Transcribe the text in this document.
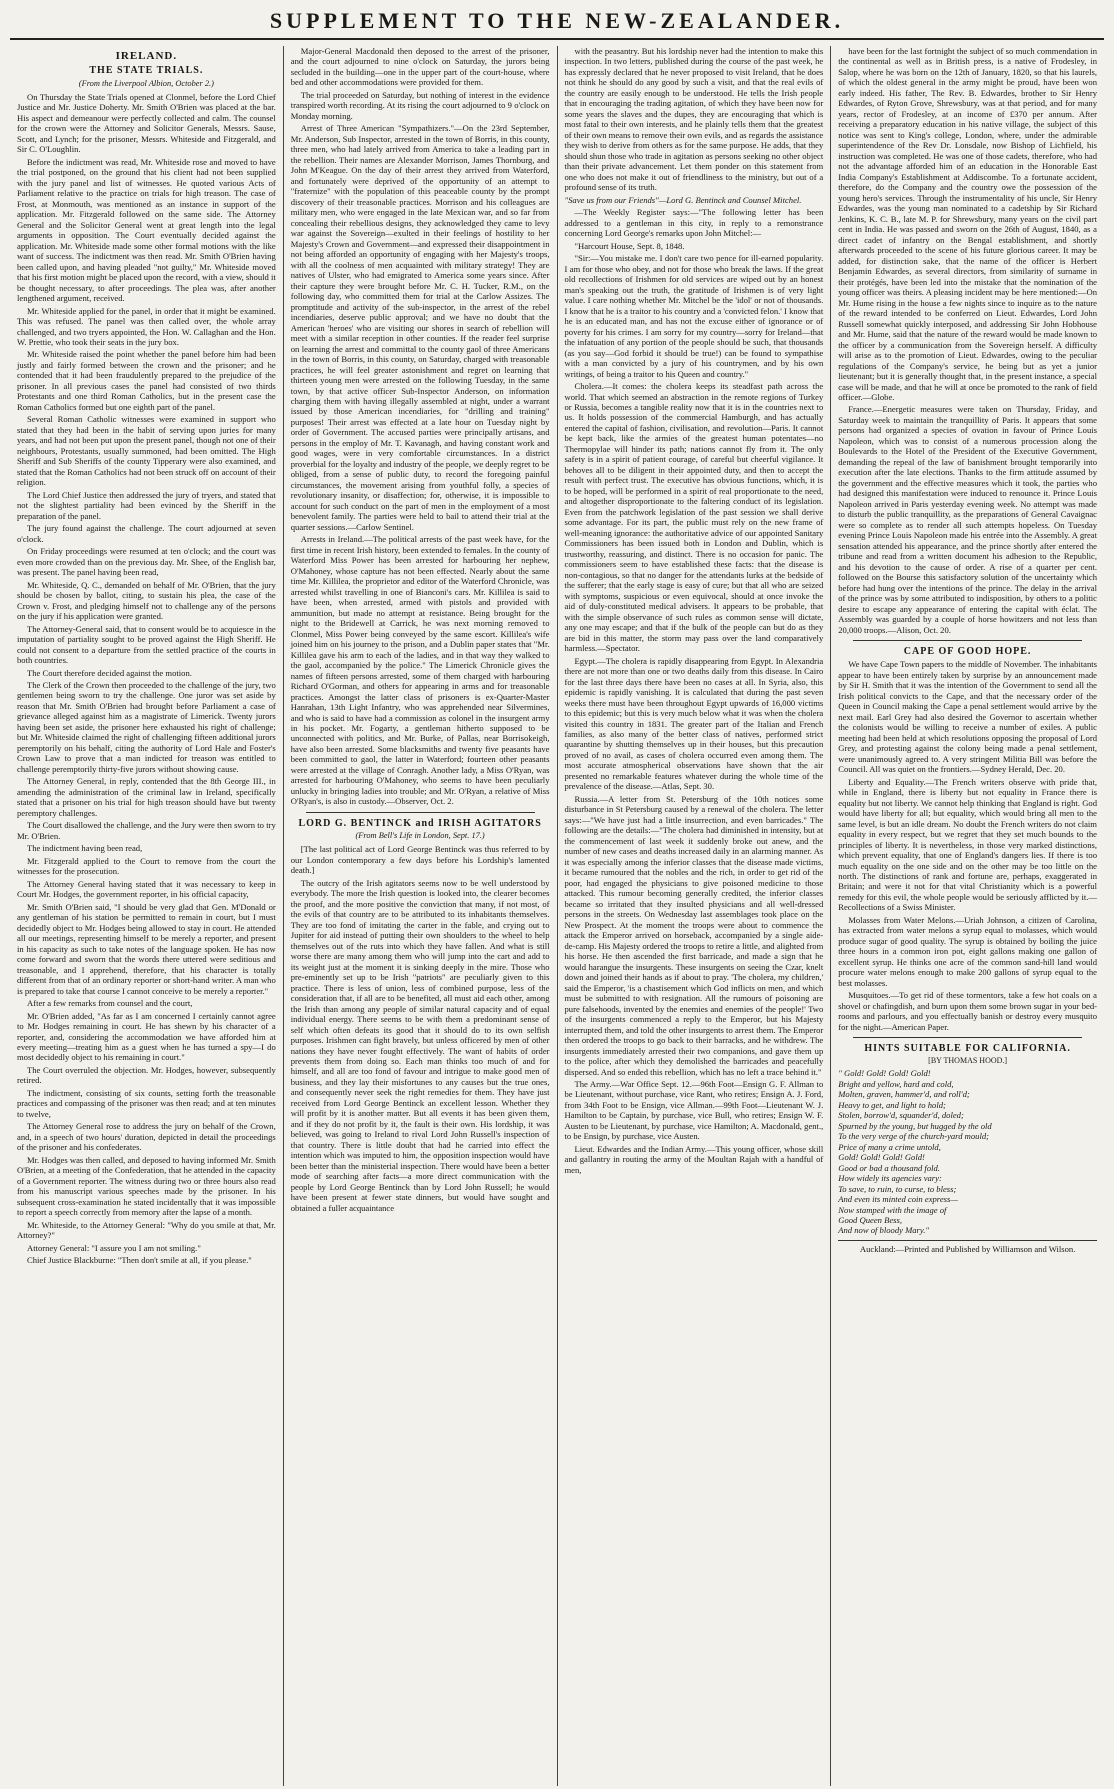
SUPPLEMENT TO THE NEW-ZEALANDER.
IRELAND.
THE STATE TRIALS.
(From the Liverpool Albion, October 2.)

On Thursday the State Trials opened at Clonmel, before the Lord Chief Justice and Mr. Justice Doherty. Mr. Smith O'Brien was placed at the bar. His aspect and demeanour were perfectly collected and calm. The counsel for the crown were the Attorney and Solicitor Generals, Messrs. Sause, Scott, and Lynch; for the prisoner, Messrs. Whiteside and Fitzgerald, and Sir C. O'Loughlin.

Before the indictment was read, Mr. Whiteside rose and moved to have the trial postponed, on the ground that his client had not been supplied with the jury panel and list of witnesses. He quoted various Acts of Parliament relative to the practice on trials for high treason. The case of Frost, at Monmouth, was mentioned as an instance in support of the application. Mr. Fitzgerald followed on the same side. The Attorney General and the Solicitor General went at great length into the legal arguments in opposition. The Court eventually decided against the application. Mr. Whiteside made some other formal motions with the like want of success. The indictment was then read. Mr. Smith O'Brien having been called upon, and having pleaded "not guilty," Mr. Whiteside moved that his first motion might be placed upon the record, with a view, should it be thought necessary, to after proceedings. The plea was, after another lengthened argument, received.

Mr. Whiteside applied for the panel, in order that it might be examined. This was refused. The panel was then called over, the whole array challenged, and two tryers appointed, the Hon. W. Callaghan and the Hon. W. Prettie, who took their seats in the jury box.

Mr. Whiteside raised the point whether the panel before him had been justly and fairly formed between the crown and the prisoner; and he contended that it had been fraudulently prepared to the prejudice of the prisoner. In all previous cases the panel had consisted of two thirds Protestants and one third Roman Catholics, but in the present case the Roman Catholics formed but one eighth part of the panel.

Several Roman Catholic witnesses were examined in support who stated that they had been in the habit of serving upon juries for many years, and had not been put upon the present panel, though not one of their neighbours, Protestants, usually summoned, had been omitted. The High Sheriff and Sub Sheriffs of the county Tipperary were also examined, and stated that the Roman Catholics had not been struck off on account of their religion.

The Lord Chief Justice then addressed the jury of tryers, and stated that not the slightest partiality had been evinced by the Sheriff in the preparation of the panel.

The jury found against the challenge. The court adjourned at seven o'clock.

On Friday proceedings were resumed at ten o'clock; and the court was even more crowded than on the previous day. Mr. Shee, of the English bar, was present. The panel having been read,

Mr. Whiteside, Q. C., demanded on behalf of Mr. O'Brien, that the jury should be chosen by ballot, citing, to sustain his plea, the case of the Crown v. Frost, and pledging himself not to challenge any of the persons on the jury if his application were granted.

The Attorney-General said, that to consent would be to acquiesce in the imputation of partiality sought to be proved against the High Sheriff. He could not consent to a departure from the settled practice of the courts in both countries.

The Court therefore decided against the motion.

The Clerk of the Crown then proceeded to the challenge of the jury, two gentlemen being sworn to try the challenge. One juror was set aside by reason that Mr. Smith O'Brien had brought before Parliament a case of grievance alleged against him as a magistrate of Limerick. Twenty jurors having been set aside, the prisoner here exhausted his right of challenge; but Mr. Whiteside claimed the right of challenging fifteen additional jurors peremptorily on his behalf, citing the authority of Lord Hale and Foster's Crown Law to prove that a man indicted for treason was entitled to challenge peremptorily thirty-five jurors without showing cause.

The Attorney General, in reply, contended that the 8th George III., in amending the administration of the criminal law in Ireland, specifically stated that a prisoner on his trial for high treason should have but twenty peremptory challenges.

The Court disallowed the challenge, and the Jury were then sworn to try Mr. O'Brien.

The indictment having been read,

Mr. Fitzgerald applied to the Court to remove from the court the witnesses for the prosecution.

The Attorney General having stated that it was necessary to keep in Court Mr. Hodges, the government reporter, in his official capacity,

Mr. Smith O'Brien said, "I should be very glad that Gen. M'Donald or any gentleman of his station be permitted to remain in court, but I must decidedly object to Mr. Hodges being allowed to stay in court. He attended all our meetings, representing himself to be merely a reporter, and present in his capacity as such to take notes of the language spoken. He has now come forward and sworn that the words there uttered were seditious and treasonable, and I apprehend, therefore, that his character is totally different from that of an ordinary reporter or short-hand writer. A man who is prepared to take that course I cannot conceive to be merely a reporter."

After a few remarks from counsel and the court,

Mr. O'Brien added, "As far as I am concerned I certainly cannot agree to Mr. Hodges remaining in court. He has shewn by his character of a reporter, and, considering the accommodation we have afforded him at every meeting—treating him as a guest when he has turned a spy—I do most decidedly object to his remaining in court."

The Court overruled the objection. Mr. Hodges, however, subsequently retired.

The indictment, consisting of six counts, setting forth the treasonable practices and compassing of the prisoner was then read; and at ten minutes to twelve,

The Attorney General rose to address the jury on behalf of the Crown, and, in a speech of two hours' duration, depicted in detail the proceedings of the prisoner and his confederates.

Mr. Hodges was then called, and deposed to having informed Mr. Smith O'Brien, at a meeting of the Confederation, that he attended in the capacity of a Government reporter. The witness during two or three hours also read from his manuscript various speeches made by the prisoner. In his subsequent cross-examination he stated incidentally that it was impossible to report a speech correctly from memory after the lapse of a month.

Mr. Whiteside, to the Attorney General: "Why do you smile at that, Mr. Attorney?"

Attorney General: "I assure you I am not smiling."

Chief Justice Blackburne: "Then don't smile at all, if you please."

Major-General Macdonald then deposed to the arrest of the prisoner, and the court adjourned to nine o'clock on Saturday, the jurors being secluded in the building—one in the upper part of the court-house, where bed and other accommodations were provided for them.

The trial proceeded on Saturday, but nothing of interest in the evidence transpired worth recording. At its rising the court adjourned to 9 o'clock on Monday morning.

Arrest of Three American "Sympathizers."—On the 23rd September, Mr. Anderson, Sub Inspector, arrested in the town of Borris, in this county, three men, who had lately arrived from America to take a leading part in the rebellion. Their names are Alexander Morrison, James Thornburg, and John M'Keague. On the day of their arrest they arrived from Waterford, and fortunately were deprived of the opportunity of an attempt to "fraternize" with the population of this peaceable county by the prompt discovery of their treasonable practices. Morrison and his colleagues are military men, who were engaged in the late Mexican war, and so far from concealing their rebellious designs, they acknowledged they came to levy war against the Sovereign—exulted in their feelings of hostility to her Majesty's Crown and Government—and expressed their disappointment in not being afforded an opportunity of engaging with her Majesty's troops, with all the coolness of men acquainted with military strategy! They are natives of Ulster, who had emigrated to America some years since. After their capture they were brought before Mr. C. H. Tucker, R.M., on the following day, who committed them for trial at the Carlow Assizes. The promptitude and activity of the sub-inspector, in the arrest of the rebel incendiaries, deserve public approval; and we have no doubt that the American 'heroes' who are visiting our shores in search of rebellion will meet with a similar reception in other counties. If the reader feel surprise on learning the arrest and committal to the county gaol of three Americans in the town of Borris, in this county, on Saturday, charged with treasonable practices, he will feel greater astonishment and regret on learning that thirteen young men were arrested on the following Tuesday, in the same town, by that active officer Sub-Inspector Anderson, on information charging them with having illegally assembled at night, under a warrant issued by those American incendiaries, for "drilling and training" purposes! Their arrest was effected at a late hour on Tuesday night by order of Government. The accused parties were principally artisans, and persons in the employ of Mr. T. Kavanagh, and having constant work and good wages, were in very comfortable circumstances. In a district proverbial for the loyalty and industry of the people, we deeply regret to be obliged, from a sense of public duty, to record the foregoing painful circumstances, the movement arising from youthful folly, a species of revolutionary insanity, or disaffection; for, otherwise, it is impossible to account for such conduct on the part of men in the employment of a most benevolent family. The parties were held to bail to attend their trial at the quarter sessions.—Carlow Sentinel.

Arrests in Ireland.—The political arrests of the past week have, for the first time in recent Irish history, been extended to females. In the county of Waterford Miss Power has been arrested for harbouring her nephew, O'Mahoney, whose capture has not been effected. Nearly about the same time Mr. Killilea, the proprietor and editor of the Waterford Chronicle, was arrested whilst travelling in one of Bianconi's cars. Mr. Killilea is said to have been, when arrested, armed with pistols and provided with ammunition, but made no attempt at resistance. Being brought for the night to the Bridewell at Carrick, he was next morning removed to Clonmel, Miss Power being conveyed by the same escort. Killilea's wife joined him on his journey to the prison, and a Dublin paper states that "Mr. Killilea gave his arm to each of the ladies, and in that way they walked to the gaol, accompanied by the police." The Limerick Chronicle gives the names of fifteen persons arrested, some of them charged with harbouring Richard O'Gorman, and others for appearing in arms and for treasonable practices. Amongst the latter class of prisoners is ex-Quarter-Master Hanrahan, 13th Light Infantry, who was apprehended near Silvermines, and who is said to have had a commission as colonel in the insurgent army in his pocket. Mr. Fogarty, a gentleman hitherto supposed to be unconnected with politics, and Mr. Burke, of Pallas, near Borrisokeigh, have also been arrested. Some blacksmiths and twenty five peasants have been committed to gaol, the latter in Waterford; fourteen other peasants were arrested at the village of Conragh. Another lady, a Miss O'Ryan, was arrested for harbouring O'Mahoney, who seems to have been peculiarly unlucky in bringing ladies into trouble; and Mr. O'Ryan, a relative of Miss O'Ryan's, is also in custody.—Observer, Oct. 2.

LORD G. BENTINCK and IRISH AGITATORS
(From Bell's Life in London, Sept. 17.)

[The last political act of Lord George Bentinck was thus referred to by our London contemporary a few days before his Lordship's lamented death.]

The outcry of the Irish agitators seems now to be well understood by everybody. The more the Irish question is looked into, the clearer becomes the proof, and the more positive the conviction that many, if not most, of the evils of that country are to be attributed to its inhabitants themselves. They are too fond of imitating the carter in the fable, and crying out to Jupiter for aid instead of putting their own shoulders to the wheel to help themselves out of the ruts into which they have fallen. And what is still worse there are many among them who will jump into the cart and add to its weight just at the moment it is sinking deeply in the mire. Those who pre-eminently set up to be Irish "patriots" are peculiarly given to this practice. There is less of union, less of combined purpose, less of the consideration that, if all are to be benefited, all must aid each other, among the Irish than among any people of similar natural capacity and of equal individual energy. There seems to be with them a predominant sense of self which often defeats its good that it should do to its own selfish purposes. Irishmen can fight bravely, but unless officered by men of other nations they have never fought effectively. The want of habits of order prevents them from doing so. Each man thinks too much of and for himself, and all are too fond of favour and intrigue to make good men of business, and they lay their misfortunes to any causes but the true ones, and consequently never seek the right remedies for them. They have just received from Lord George Bentinck an excellent lesson. Whether they will profit by it is another matter. But all events it has been given them, and if they do not profit by it, the fault is their own. His lordship, it was believed, was going to Ireland to rival Lord John Russell's inspection of that country. There is little doubt that had he carried into effect the intention which was imputed to him, the opposition inspection would have been better than the ministerial inspection. There would have been a better mode of searching after facts—a more direct communication with the people by Lord George Bentinck than by Lord John Russell; he would have been present at fewer state dinners, but would have sought and obtained a fuller acquaintance

with the peasantry. But his lordship never had the intention to make this inspection. In two letters, published during the course of the past week, he has expressly declared that he never proposed to visit Ireland, that he does not think he should do any good by such a visit, and that the real evils of the country are easily enough to be understood. He tells the Irish people that in encouraging the trading agitation, of which they have been now for some years the slaves and the dupes, they are encouraging that which is most fatal to their own interests, and he plainly tells them that the greatest of their own means to remove their own evils, and as regards the assistance they wish to derive from others as for the same purpose. He adds, that they should shun those who trade in agitation as persons seeking no other object than their private advancement. Let them ponder on this statement from one who does not make it out of friendliness to the ministry, but out of a profound sense of its truth.

"Save us from our Friends"—Lord G. Bentinck and Counsel Mitchel.

—The Weekly Register says:—"The following letter has been addressed to a gentleman in this city, in reply to a remonstrance concerning Lord George's remarks upon John Mitchel:—

"Harcourt House, Sept. 8, 1848.

"Sir:—You mistake me. I don't care two pence for ill-earned popularity. I am for those who obey, and not for those who break the laws. If the great old recollections of Irishmen for old services are wiped out by an honest man's speaking out the truth, the gratitude of Irishmen is of very light value. I care nothing whether Mr. Mitchel be the 'idol' or not of thousands. I know that he is a traitor to his country and a 'convicted felon.' I know that he is an educated man, and has not the excuse either of ignorance or of poverty for his crimes. I am sorry for my country—sorry for Ireland—that the infatuation of any portion of the people should be such, that thousands (as you say—God forbid it should be true!) can be found to sympathise with a man convicted by a jury of his countrymen, and by his own writings, of being a traitor to his Queen and country."

Cholera.—It comes: the cholera keeps its steadfast path across the world. That which seemed an abstraction in the remote regions of Turkey or Russia, becomes a tangible reality now that it is in the countries next to us. It holds possession of the commercial Hamburgh, and has actually entered the capital of fashion, civilisation, and revolution—Paris. It cannot be kept back, like the armies of the greatest human potentates—no Thermopylae will hinder its path; nations cannot fly from it. The only safety is in a spirit of patient courage, of careful but cheerful vigilance. It behoves all to be diligent in their appointed duty, and then to accept the result with perfect trust. The executive has obvious functions, which, it is to be hoped, will be performed in a spirit of real proportionate to the need, and altogether disproportionate to the faltering conduct of its legislation. Even from the patchwork legislation of the past session we shall derive some advantage. For its part, the public must rely on the new frame of well-meaning ignorance: the authoritative advice of our appointed Sanitary Commissioners has been issued both in London and Dublin, which is trustworthy, reassuring, and distinct. There is no occasion for panic. The commissioners seem to have established these facts: that the disease is non-contagious, so that no danger for the attendants lurks at the bedside of the sufferer; that the early stage is easy of cure; but that all who are seized with symptoms, suspicious or even equivocal, should at once invoke the aid of duly-constituted medical advisers. It appears to be probable, that with the simple observance of such rules as common sense will dictate, any one may escape; and that if the bulk of the people can but do as they are bid in this matter, the storm may pass over the land comparatively harmless.—Spectator.

Egypt.—The cholera is rapidly disappearing from Egypt. In Alexandria there are not more than one or two deaths daily from this disease. In Cairo for the last three days there have been no cases at all. In Syria, also, this epidemic is rapidly vanishing. It is calculated that during the past seven weeks there must have been throughout Egypt upwards of 16,000 victims to this epidemic; but this is very much below what it was when the cholera visited this country in 1831. The greater part of the Italian and French families, as also many of the better class of natives, performed strict quarantine by shutting themselves up in their houses, but this precaution proved of no avail, as cases of cholera occurred even among them. The most accurate atmospherical observations have shown that the air presented no remarkable features whatever during the whole time of the prevalence of the disease.—Atlas, Sept. 30.

Russia.—A letter from St. Petersburg of the 10th notices some disturbance in St Petersburg caused by a renewal of the cholera. The letter says:—"We have just had a little insurrection, and even barricades." The following are the details:—"The cholera had diminished in intensity, but at the commencement of last week it suddenly broke out anew, and the number of new cases and deaths increased daily in an alarming manner. As it was especially among the inferior classes that the disease made victims, it became rumoured that the nobles and the rich, in order to get rid of the poor, had engaged the physicians to give poisoned medicine to those attacked. This rumour becoming generally credited, the inferior classes became so irritated that they insulted physicians and all well-dressed persons in the streets. On Wednesday last assemblages took place on the New Prospect. At the moment the troops were about to commence the attack the Emperor arrived on horseback, accompanied by a single aide-de-camp. His Majesty ordered the troops to retire a little, and alighted from his horse. He then ascended the first barricade, and made a sign that he would harangue the insurgents. These insurgents on seeing the Czar, knelt down and joined their hands as if about to pray. 'The cholera, my children,' said the Emperor, 'is a chastisement which God inflicts on men, and which must be submitted to with resignation. All the rumours of poisoning are pure falsehoods, invented by the enemies and enemies of the people!' Two of the insurgents commenced a reply to the Emperor, but his Majesty interrupted them, and told the other insurgents to arrest them. The Emperor then ordered the troops to go back to their barracks, and he withdrew. The insurgents immediately arrested their two companions, and gave them up to the police, after which they demolished the barricades and peacefully dispersed. And so ended this rebellion, which has no left a trace behind it."

The Army.—War Office Sept. 12.—96th Foot—Ensign G. F. Allman to be Lieutenant, without purchase, vice Rant, who retires; Ensign A. J. Ford, from 34th Foot to be Ensign, vice Allman.—99th Foot—Lieutenant W. J. Hamilton to be Captain, by purchase, vice Bull, who retires; Ensign W. F. Austen to be Lieutenant, by purchase, vice Hamilton; A. Macdonald, gent., to be Ensign, by purchase, vice Austen.

Lieut. Edwardes and the Indian Army.—This young officer, whose skill and gallantry in routing the army of the Moultan Rajah with a handful of men,

have been for the last fortnight the subject of so much commendation in the continental as well as in British press, is a native of Frodesley, in Salop, where he was born on the 12th of January, 1820, so that his laurels, of which the oldest general in the army might be proud, have been won early indeed. His father, The Rev. B. Edwardes, brother to Sir Henry Edwardes, of Ryton Grove, Shrewsbury, was at that period, and for many years, rector of Frodesley, at an income of £370 per annum. After receiving a preparatory education in his native village, the subject of this notice was sent to King's college, London, where, under the admirable superintendence of the Rev Dr. Lonsdale, now Bishop of Lichfield, his instruction was completed. He was one of those cadets, therefore, who had not the advantage afforded him of an education in the Honorable East India Company's Establishment at Addiscombe. To a fortunate accident, therefore, do the Company and the country owe the possession of the young hero's services. Through the instrumentality of his uncle, Sir Henry Edwardes, was the young man nominated to a cadetship by Sir Richard Jenkins, K. C. B., late M. P. for Shrewsbury, many years on the civil part cent in India. He was passed and sworn on the 26th of August, 1840, as a direct cadet of infantry on the Bengal establishment, and shortly afterwards proceeded to the scene of his future glorious career. It may be added, for distinction sake, that the name of the officer is Herbert Benjamin Edwardes, as several directors, from similarity of surname in their protégés, have been led into the mistake that the nomination of the young officer was theirs. A pleasing incident may be here mentioned:—On Mr. Hume rising in the house a few nights since to inquire as to the nature of the reward intended to be conferred on Lieut. Edwardes, Lord John Russell somewhat quickly interposed, and addressing Sir John Hobhouse and Mr. Hume, said that the nature of the reward would be made known to the officer by a communication from the Sovereign herself. A difficulty will arise as to the promotion of Lieut. Edwardes, owing to the peculiar regulations of the Company's service, he being but as yet a junior lieutenant; but it is generally thought that, in the present instance, a special case will be made, and that he will at once be promoted to the rank of field officer.—Globe.

France.—Energetic measures were taken on Thursday, Friday, and Saturday week to maintain the tranquillity of Paris. It appears that some persons had organized a species of ovation in favour of Prince Louis Napoleon, which was to consist of a numerous procession along the Boulevards to the Hotel of the President of the Executive Government, demanding the repeal of the law of banishment brought temporarily into execution after the late elections. Thanks to the firm attitude assumed by the government and the effective measures which it took, the parties who had designed this manifestation were induced to renounce it. Prince Louis Napoleon arrived in Paris yesterday evening week. No attempt was made to disturb the public tranquillity, as the preparations of General Cavaignac were so complete as to render all such attempts hopeless. On Tuesday evening Prince Louis Napoleon made his entrée into the Assembly. A great sensation attended his appearance, and the prince shortly after entered the tribune and read from a written document his adhesion to the Republic, and his devotion to the cause of order. A rise of a quarter per cent. followed on the Bourse this satisfactory solution of the uncertainty which before had hung over the intentions of the prince. The delay in the arrival of the prince was by some attributed to indisposition, by others to a politic desire to escape any appearance of entering the capital with éclat. The Assembly was guarded by a couple of horse howitzers and not less than 20,000 troops.—Alison, Oct. 20.

CAPE OF GOOD HOPE.

We have Cape Town papers to the middle of November. The inhabitants appear to have been entirely taken by surprise by an announcement made by Sir H. Smith that it was the intention of the Government to send all the Irish political convicts to the Cape, and that the necessary order of the Queen in Council making the Cape a penal settlement would arrive by the next mail. Earl Grey had also desired the Governor to ascertain whether the colonists would be willing to receive a number of exiles. A public meeting had been held at which resolutions opposing the proposal of Lord Grey, and protesting against the colony being made a penal settlement, were unanimously agreed to. A very stringent Militia Bill was before the Council. All was quiet on the frontiers.—Sydney Herald, Dec. 20.

Liberty and Equality.—The French writers observe with pride that, while in England, there is liberty but not equality in France there is equality but not liberty. We cannot help thinking that England is right. God would have liberty for all; but equality, which would bring all men to the same level, is but an idle dream. No doubt the French writers do not claim equality in every respect, but we regret that they set much bounds to the principles of liberty. It is nevertheless, in those very marked distinctions, which prevent equality, that one of England's dangers lies. If there is too much equality on the one side and on the other may be too little on the north. The distinctions of rank and fortune are, perhaps, exaggerated in Britain; and were it not for that vital Christianity which is a powerful remedy for this evil, the whole people would be seriously afflicted by it.—Recollections of a Swiss Minister.

Molasses from Water Melons.—Uriah Johnson, a citizen of Carolina, has extracted from water melons a syrup equal to molasses, which would produce sugar of good quality. The syrup is obtained by boiling the juice three hours in a common iron pot, eight gallons making one gallon of excellent syrup. He thinks one acre of the common sand-hill land would procure water melons enough to make 200 gallons of syrup equal to the best molasses.

Musquitoes.—To get rid of these tormentors, take a few hot coals on a shovel or chafingdish, and burn upon them some brown sugar in your bed-rooms and parlours, and you effectually banish or destroy every musquito for the night.—American Paper.

HINTS SUITABLE FOR CALIFORNIA.
[BY THOMAS HOOD.]

" Gold! Gold! Gold! Gold!
Bright and yellow, hard and cold,
Molten, graven, hammer'd, and roll'd;
Heavy to get, and light to hold;
Stolen, borrow'd, squander'd, doled;
Spurned by the young, but hugged by the old
To the very verge of the church-yard mould;
Price of many a crime untold,
Gold! Gold! Gold! Gold!
Good or bad a thousand fold.
How widely its agencies vary:
To save, to ruin, to curse, to bless;
And even its minted coin express—
Now stamped with the image of
Good Queen Bess,
And now of bloody Mary."

Auckland:—Printed and Published by Williamson and Wilson.
